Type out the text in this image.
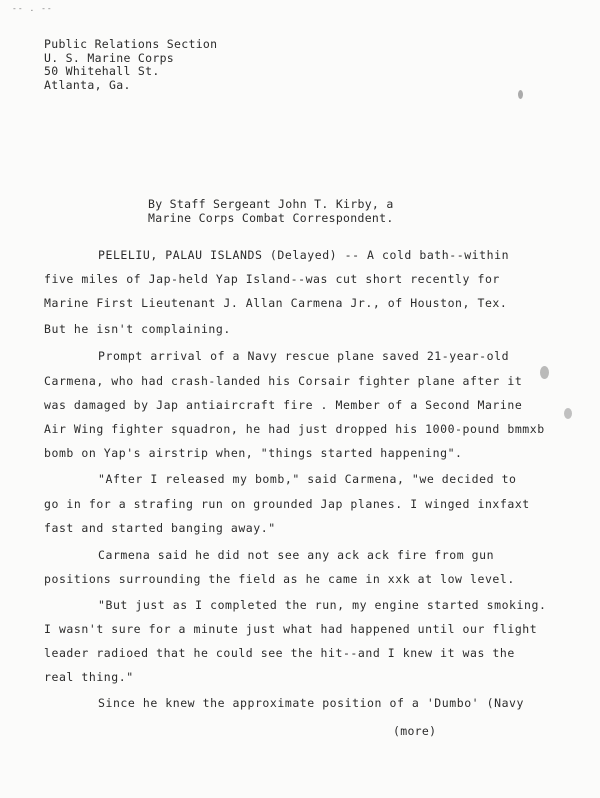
-- . --
Public Relations Section
U. S. Marine Corps
50 Whitehall St.
Atlanta, Ga.
By Staff Sergeant John T. Kirby, a
Marine Corps Combat Correspondent.
PELELIU, PALAU ISLANDS (Delayed) -- A cold bath--within
five miles of Jap-held Yap Island--was cut short recently for
Marine First Lieutenant J. Allan Carmena Jr., of Houston, Tex.
But he isn't complaining.
Prompt arrival of a Navy rescue plane saved 21-year-old
Carmena, who had crash-landed his Corsair fighter plane after it
was damaged by Jap antiaircraft fire . Member of a Second Marine
Air Wing fighter squadron, he had just dropped his 1000-pound bmmxb
bomb on Yap's airstrip when, "things started happening".
"After I released my bomb," said Carmena, "we decided to
go in for a strafing run on grounded Jap planes. I winged inxfaxt
fast and started banging away."
Carmena said he did not see any ack ack fire from gun
positions surrounding the field as he came in xxk at low level.
"But just as I completed the run, my engine started smoking.
I wasn't sure for a minute just what had happened until our flight
leader radioed that he could see the hit--and I knew it was the
real thing."
Since he knew the approximate position of a 'Dumbo' (Navy
(more)
